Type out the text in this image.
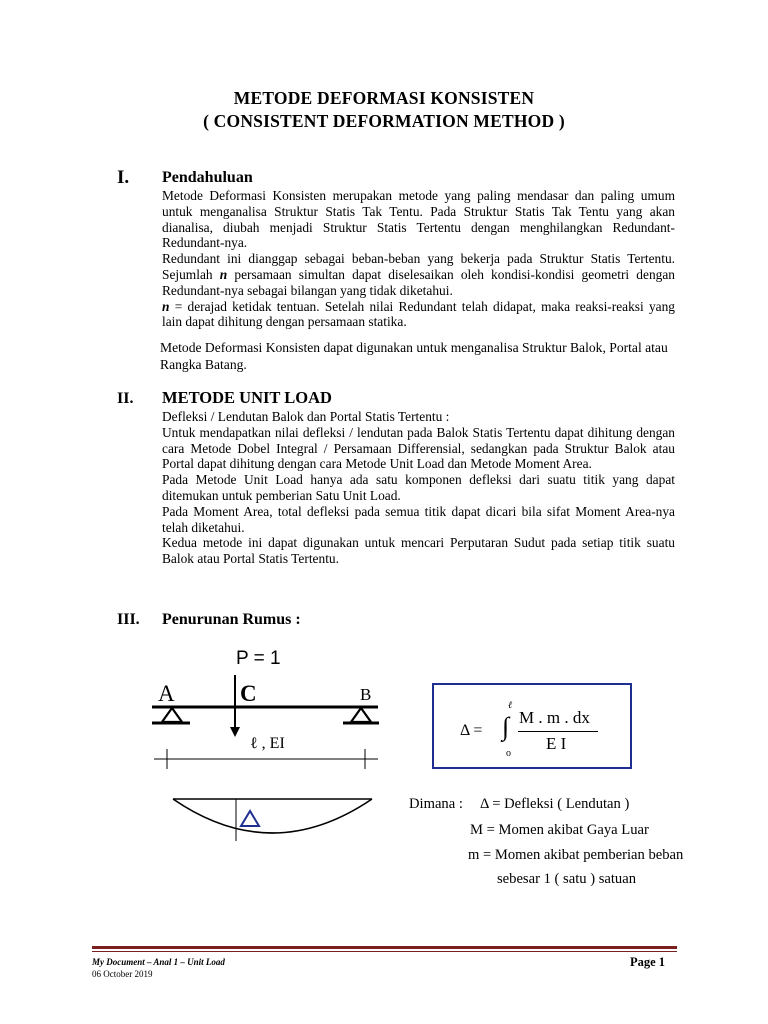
METODE DEFORMASI KONSISTEN
( CONSISTENT DEFORMATION METHOD )
I. Pendahuluan

Metode Deformasi Konsisten merupakan metode yang paling mendasar dan paling umum untuk menganalisa Struktur Statis Tak Tentu. Pada Struktur Statis Tak Tentu yang akan dianalisa, diubah menjadi Struktur Statis Tertentu dengan menghilangkan Redundant-Redundant-nya.

Redundant ini dianggap sebagai beban-beban yang bekerja pada Struktur Statis Tertentu. Sejumlah n persamaan simultan dapat diselesaikan oleh kondisi-kondisi geometri dengan Redundant-nya sebagai bilangan yang tidak diketahui.

n = derajad ketidak tentuan. Setelah nilai Redundant telah didapat, maka reaksi-reaksi yang lain dapat dihitung dengan persamaan statika.

Metode Deformasi Konsisten dapat digunakan untuk menganalisa Struktur Balok, Portal atau Rangka Batang.

II. METODE UNIT LOAD

Defleksi / Lendutan Balok dan Portal Statis Tertentu :

Untuk mendapatkan nilai defleksi / lendutan pada Balok Statis Tertentu dapat dihitung dengan cara Metode Dobel Integral / Persamaan Differensial, sedangkan pada Struktur Balok atau Portal dapat dihitung dengan cara Metode Unit Load dan Metode Moment Area.

Pada Metode Unit Load hanya ada satu komponen defleksi dari suatu titik yang dapat ditemukan untuk pemberian Satu Unit Load.

Pada Moment Area, total defleksi pada semua titik dapat dicari bila sifat Moment Area-nya telah diketahui.

Kedua metode ini dapat digunakan untuk mencari Perputaran Sudut pada setiap titik suatu Balok atau Portal Statis Tertentu.

III. Penurunan Rumus :
P = 1
A	C	B
ℓ , EI
Δ = ∫
ℓ
o
M . m . dx
E I
Dimana : Δ = Defleksi ( Lendutan )
M = Momen akibat Gaya Luar
m = Momen akibat pemberian beban
sebesar 1 ( satu ) satuan
My Document – Anal 1 – Unit Load
06 October 2019
Page 1
